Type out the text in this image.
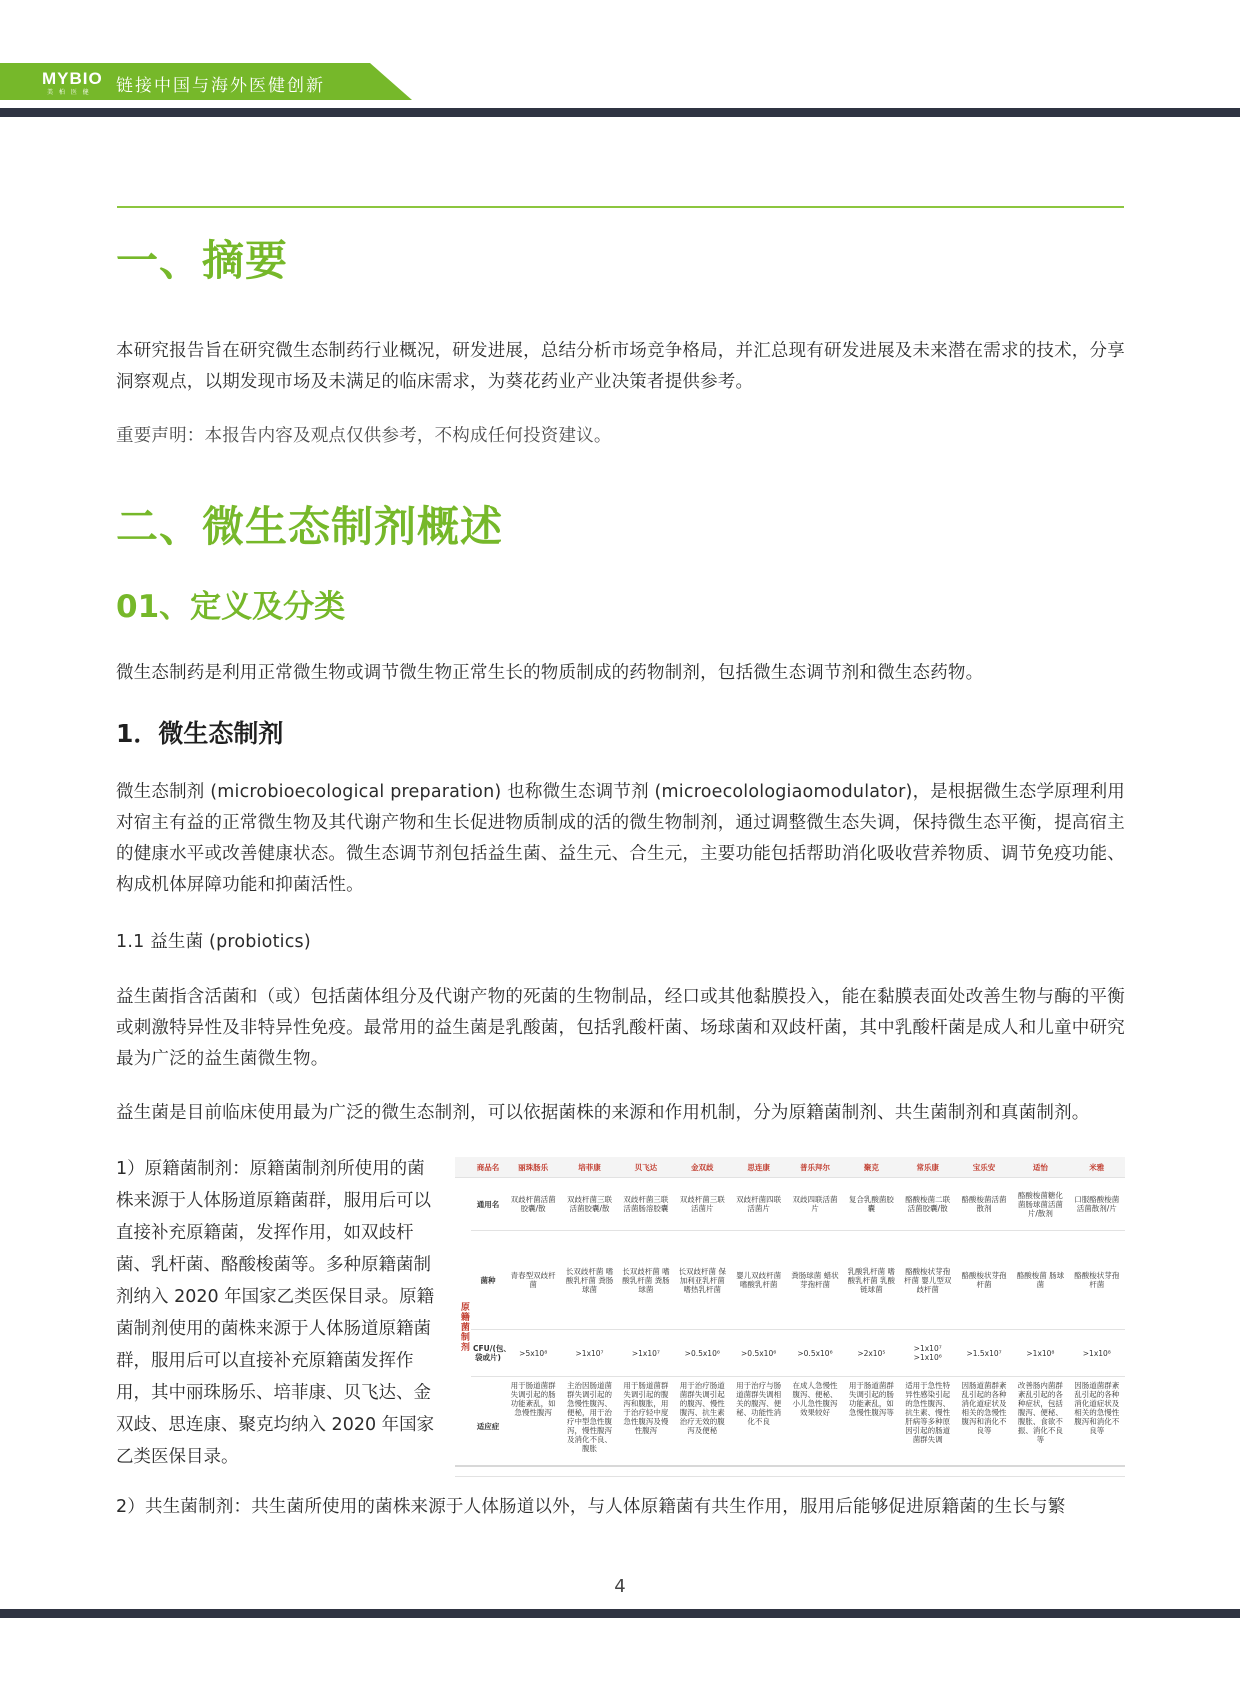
MYBIO
美 柏 医 健 链接中国与海外医健创新
一、摘要

本研究报告旨在研究微生态制药行业概况，研发进展，总结分析市场竞争格局，并汇总现有研发进展及未来潜在需求的技术，分享洞察观点，以期发现市场及未满足的临床需求，为葵花药业产业决策者提供参考。

重要声明：本报告内容及观点仅供参考，不构成任何投资建议。

二、微生态制剂概述
01、定义及分类

微生态制药是利用正常微生物或调节微生物正常生长的物质制成的药物制剂，包括微生态调节剂和微生态药物。

1．微生态制剂

微生态制剂 (microbioecological preparation) 也称微生态调节剂 (microecolologiaomodulator)，是根据微生态学原理利用对宿主有益的正常微生物及其代谢产物和生长促进物质制成的活的微生物制剂，通过调整微生态失调，保持微生态平衡，提高宿主的健康水平或改善健康状态。微生态调节剂包括益生菌、益生元、合生元，主要功能包括帮助消化吸收营养物质、调节免疫功能、构成机体屏障功能和抑菌活性。

1.1 益生菌 (probiotics)

益生菌指含活菌和（或）包括菌体组分及代谢产物的死菌的生物制品，经口或其他黏膜投入，能在黏膜表面处改善生物与酶的平衡或刺激特异性及非特异性免疫。最常用的益生菌是乳酸菌，包括乳酸杆菌、场球菌和双歧杆菌，其中乳酸杆菌是成人和儿童中研究最为广泛的益生菌微生物。

益生菌是目前临床使用最为广泛的微生态制剂，可以依据菌株的来源和作用机制，分为原籍菌制剂、共生菌制剂和真菌制剂。

1）原籍菌制剂：原籍菌制剂所使用的菌株来源于人体肠道原籍菌群，服用后可以直接补充原籍菌，发挥作用，如双歧杆菌、乳杆菌、酪酸梭菌等。多种原籍菌制剂纳入 2020 年国家乙类医保目录。原籍菌制剂使用的菌株来源于人体肠道原籍菌群，服用后可以直接补充原籍菌发挥作用，其中丽珠肠乐、培菲康、贝飞达、金双歧、思连康、聚克均纳入 2020 年国家乙类医保目录。

	商品名	丽珠肠乐	培菲康	贝飞达	金双歧	思连康	普乐拜尔	聚克	常乐康	宝乐安	适怡	米雅
原籍菌制剂	通用名	双歧杆菌活菌胶囊/散	双歧杆菌三联活菌胶囊/散	双歧杆菌三联活菌肠溶胶囊	双歧杆菌三联活菌片	双歧杆菌四联活菌片	双歧四联活菌片	复合乳酸菌胶囊	酪酸梭菌二联活菌胶囊/散	酪酸梭菌活菌散剂	酪酸梭菌糖化菌肠球菌活菌片/散剂	口服酪酸梭菌活菌散剂/片
	菌种	青春型双歧杆菌	长双歧杆菌 嗜酸乳杆菌 粪肠球菌	长双歧杆菌 嗜酸乳杆菌 粪肠球菌	长双歧杆菌 保加利亚乳杆菌 嗜热乳杆菌	婴儿双歧杆菌 嗜酸乳杆菌	粪肠球菌 蜡状芽孢杆菌	乳酸乳杆菌 嗜酸乳杆菌 乳酸链球菌	酪酸梭状芽孢杆菌 婴儿型双歧杆菌	酪酸梭状芽孢杆菌	酪酸梭菌 肠球菌	酪酸梭状芽孢杆菌
	CFU/(包、袋或片)	>5x10⁸	>1x10⁷	>1x10⁷	>0.5x10⁶	>0.5x10⁶	>0.5x10⁶	>2x10⁵	>1x10⁷ >1x10⁶	>1.5x10⁷	>1x10⁸	>1x10⁸
	适应症	用于肠道菌群失调引起的肠功能紊乱，如急慢性腹泻	主治因肠道菌群失调引起的急慢性腹泻、便秘，用于治疗中型急性腹泻，慢性腹泻及消化不良、腹胀	用于肠道菌群失调引起的腹泻和腹胀，用于治疗轻中度急性腹泻及慢性腹泻	用于治疗肠道菌群失调引起的腹泻、慢性腹泻、抗生素治疗无效的腹泻及便秘	用于治疗与肠道菌群失调相关的腹泻、便秘、功能性消化不良	在成人急慢性腹泻、便秘、小儿急性腹泻效果较好	用于肠道菌群失调引起的肠功能紊乱，如急慢性腹泻等	适用于急性特异性感染引起的急性腹泻、抗生素、慢性肝病等多种原因引起的肠道菌群失调	因肠道菌群紊乱引起的各种消化道症状及相关的急慢性腹泻和消化不良等	改善肠内菌群紊乱引起的各种症状，包括腹泻、便秘、腹胀、食欲不振、消化不良等	因肠道菌群紊乱引起的各种消化道症状及相关的急慢性腹泻和消化不良等

2）共生菌制剂：共生菌所使用的菌株来源于人体肠道以外，与人体原籍菌有共生作用，服用后能够促进原籍菌的生长与繁

4
